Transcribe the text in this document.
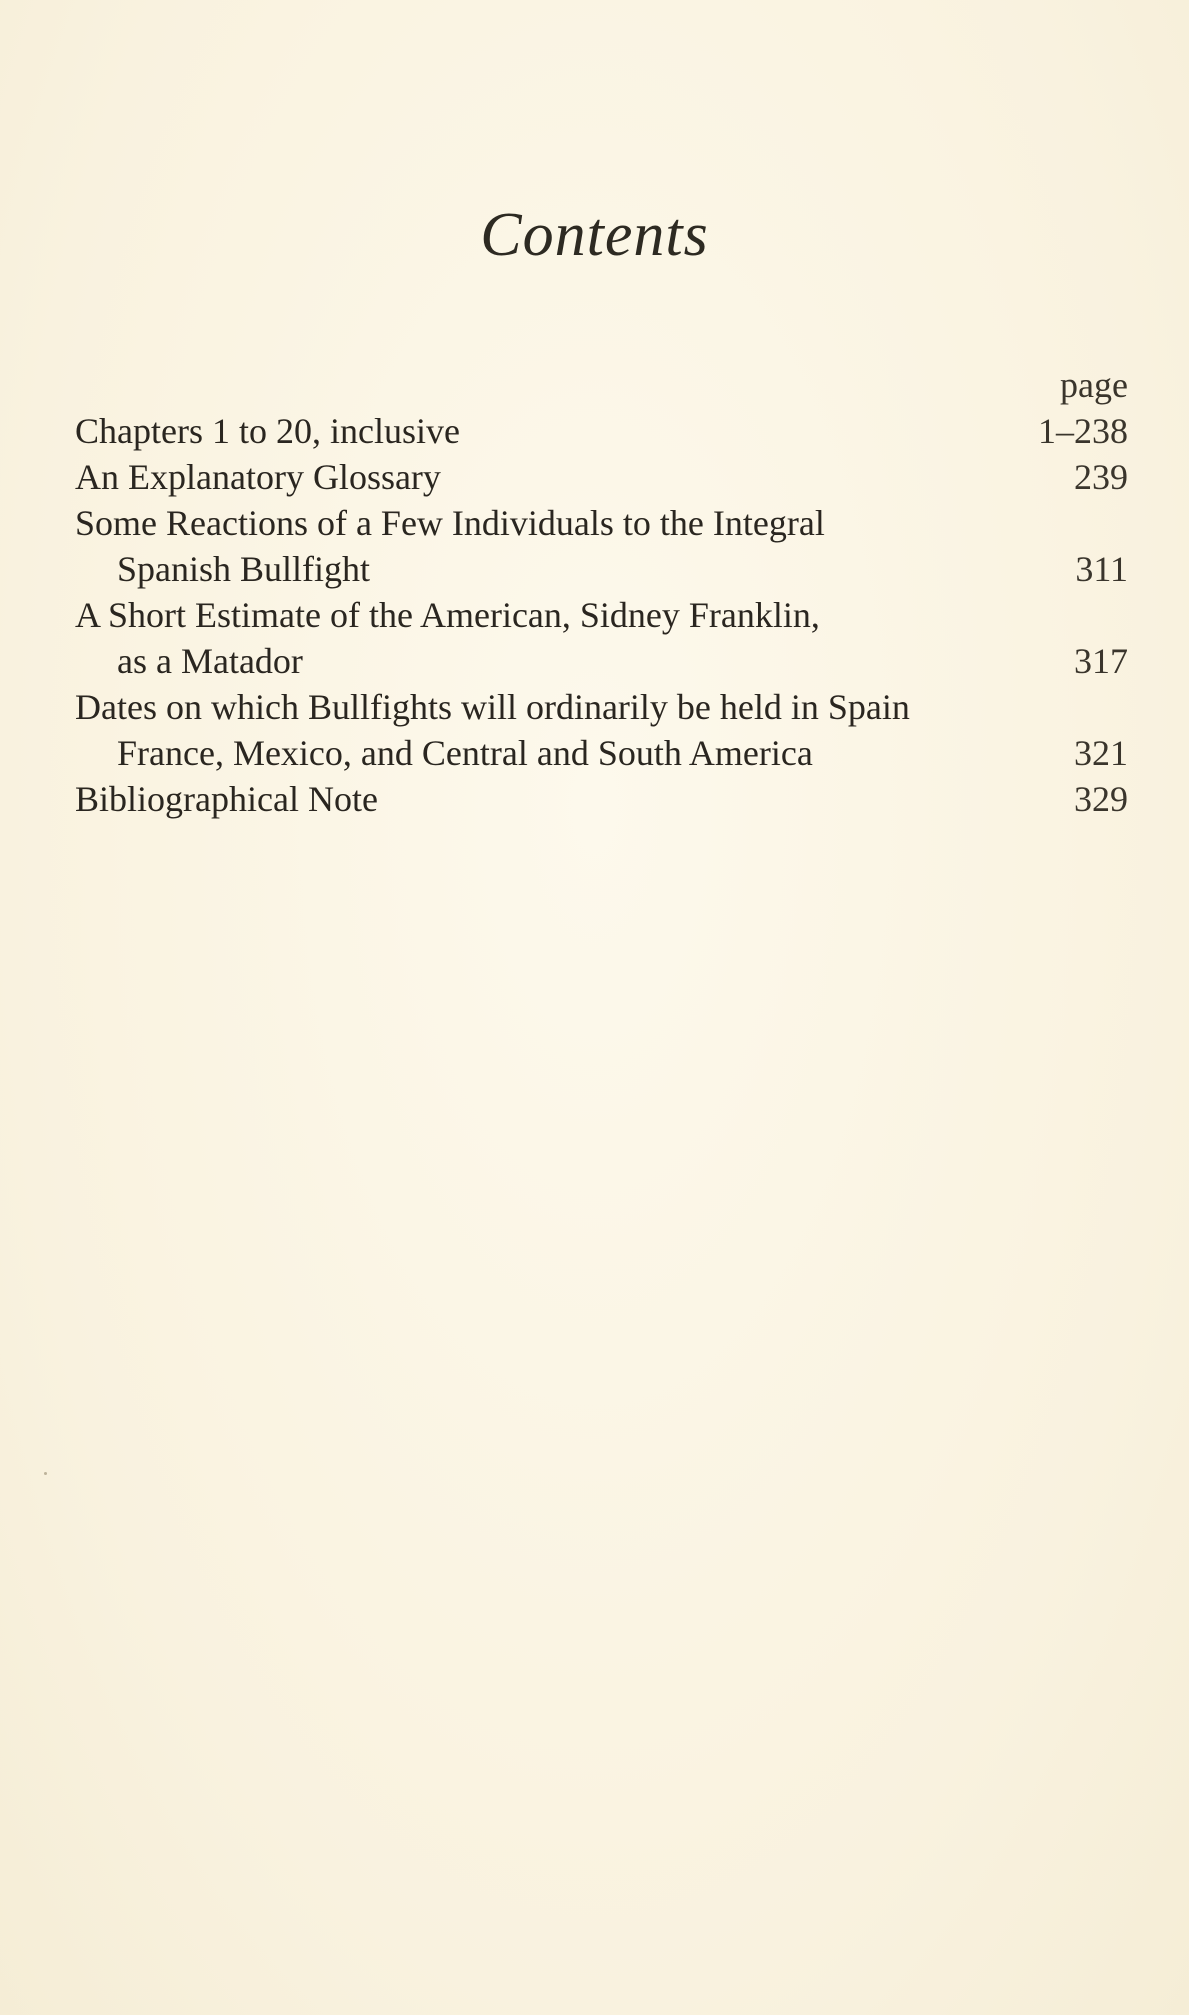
Contents
page
Chapters 1 to 20, inclusive	1–238
An Explanatory Glossary	239
Some Reactions of a Few Individuals to the Integral
Spanish Bullfight	311
A Short Estimate of the American, Sidney Franklin,
as a Matador	317
Dates on which Bullfights will ordinarily be held in Spain
France, Mexico, and Central and South America	321
Bibliographical Note	329
